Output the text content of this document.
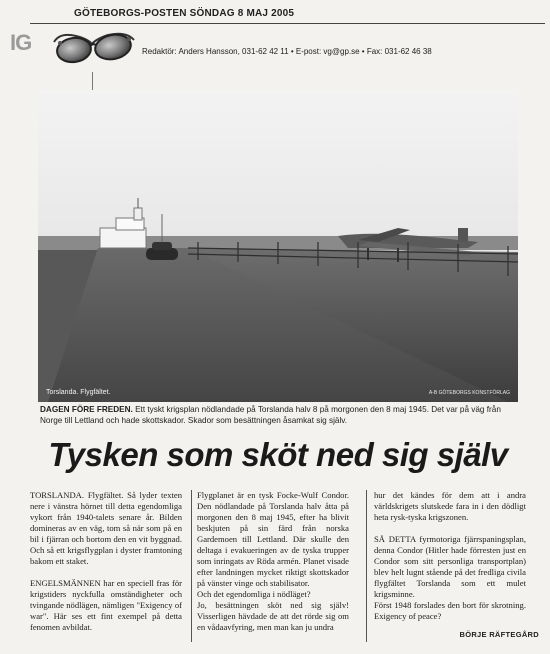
GÖTEBORGS-POSTEN SÖNDAG 8 MAJ 2005
IG	Redaktör: Anders Hansson, 031-62 42 11 • E-post: vg@gp.se • Fax: 031-62 46 38
Torslanda. Flygfältet.	A-B GÖTEBORGS KONSTFÖRLAG
DAGEN FÖRE FREDEN. Ett tyskt krigsplan nödlandade på Torslanda halv 8 på morgonen den 8 maj 1945. Det var på väg från Norge till Lettland och hade skottskador. Skador som besättningen åsamkat sig själv.
Tysken som sköt ned sig själv

TORSLANDA. Flygfältet. Så lyder texten nere i vänstra hörnet till detta egendomliga vykort från 1940-talets senare år. Bilden domineras av en väg, tom så när som på en bil i fjärran och bortom den en vit byggnad. Och så ett krigsflygplan i dyster framtoning bakom ett staket.

ENGELSMÄNNEN har en speciell fras för krigstiders nyckfulla omständigheter och tvingande nödlägen, nämligen "Exigency of war". Här ses ett fint exempel på detta fenomen avbildat.

Flygplanet är en tysk Focke-Wulf Condor. Den nödlandade på Torslanda halv åtta på morgonen den 8 maj 1945, efter ha blivit beskjuten på sin färd från norska Gardemoen till Lettland. Där skulle den deltaga i evakueringen av de tyska trupper som inringats av Röda armén. Planet visade efter landningen mycket riktigt skottskador på vänster vinge och stabilisator.

Och det egendomliga i nödläget?

Jo, besättningen sköt ned sig själv! Visserligen hävdade de att det rörde sig om en vådaavfyring, men man kan ju undra

hur det kändes för dem att i andra världskrigets slutskede fara in i den dödligt heta rysk-tyska krigszonen.

SÅ DETTA fyrmotoriga fjärrspaningsplan, denna Condor (Hitler hade förresten just en Condor som sitt personliga transportplan) blev helt lugnt stående på det fredliga civila flygfältet Torslanda som ett mulet krigsminne.

Först 1948 forslades den bort för skrotning. Exigency of peace?

BÖRJE RÄFTEGÅRD
